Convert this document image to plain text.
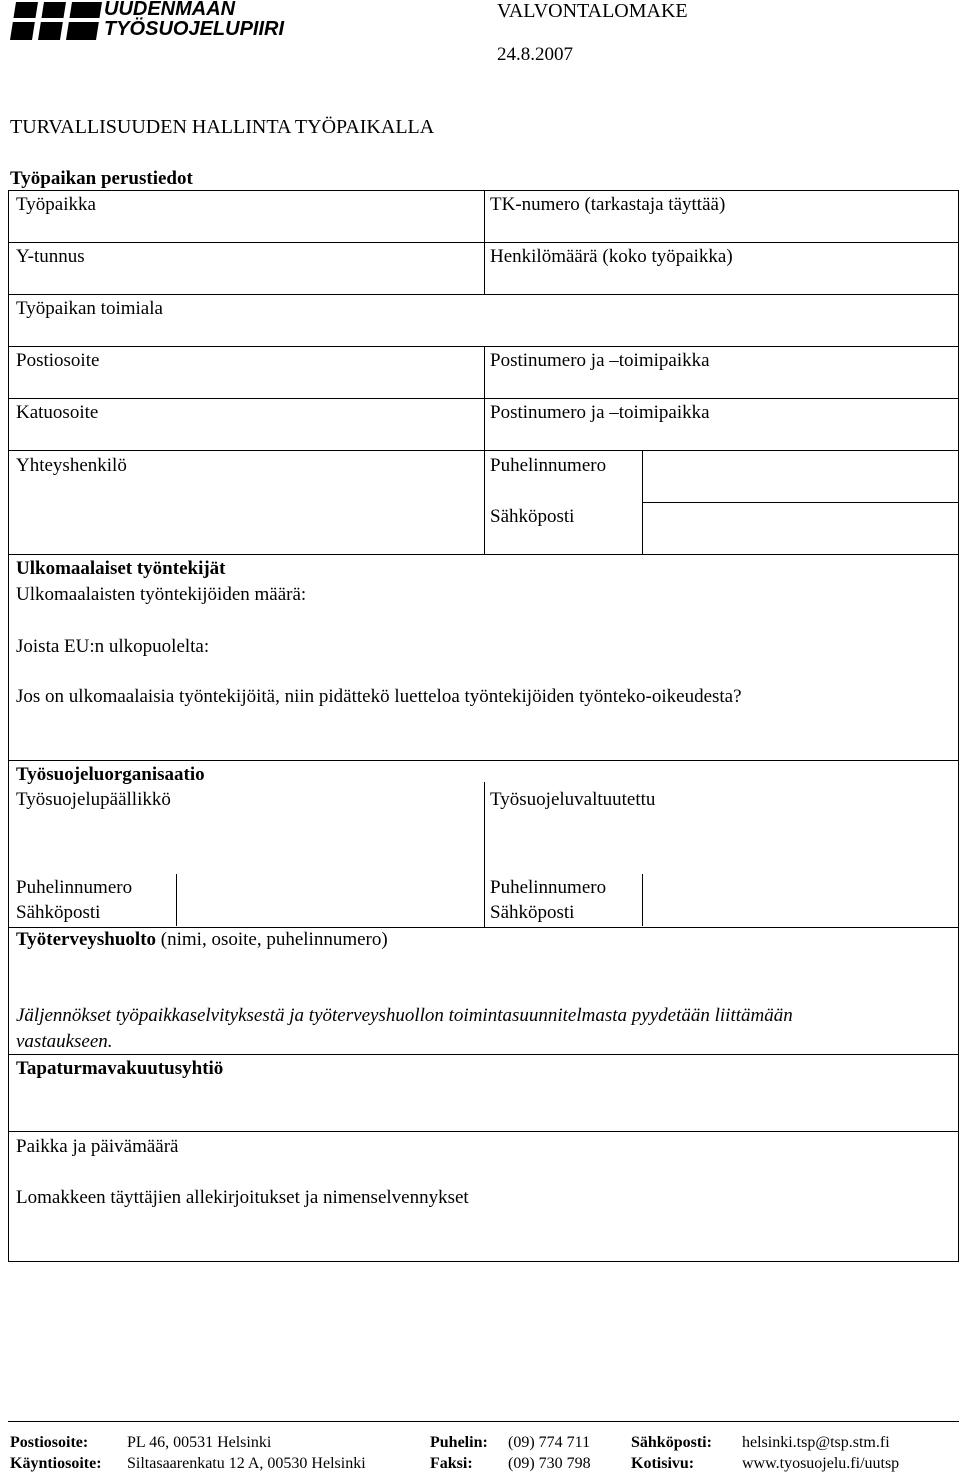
UUDENMAAN
TYÖSUOJELUPIIRI
VALVONTALOMAKE
24.8.2007
TURVALLISUUDEN HALLINTA TYÖPAIKALLA
Työpaikan perustiedot
Työpaikka	TK-numero (tarkastaja täyttää)
Y-tunnus	Henkilömäärä (koko työpaikka)
Työpaikan toimiala
Postiosoite	Postinumero ja –toimipaikka
Katuosoite	Postinumero ja –toimipaikka
Yhteyshenkilö	Puhelinnumero
Sähköposti
Ulkomaalaiset työntekijät
Ulkomaalaisten työntekijöiden määrä:
Joista EU:n ulkopuolelta:
Jos on ulkomaalaisia työntekijöitä, niin pidättekö luetteloa työntekijöiden työnteko-oikeudesta?
Työsuojeluorganisaatio
Työsuojelupäällikkö	Työsuojeluvaltuutettu
Puhelinnumero
Sähköposti
Puhelinnumero
Sähköposti
Työterveyshuolto (nimi, osoite, puhelinnumero)
Jäljennökset työpaikkaselvityksestä ja työterveyshuollon toimintasuunnitelmasta pyydetään liittämään
vastaukseen.
Tapaturmavakuutusyhtiö
Paikka ja päivämäärä
Lomakkeen täyttäjien allekirjoitukset ja nimenselvennykset
Postiosoite: PL 46, 00531 Helsinki	Puhelin: (09) 774 711	Sähköposti: helsinki.tsp@tsp.stm.fi
Käyntiosoite: Siltasaarenkatu 12 A, 00530 Helsinki	Faksi: (09) 730 798	Kotisivu:	www.tyosuojelu.fi/uutsp
